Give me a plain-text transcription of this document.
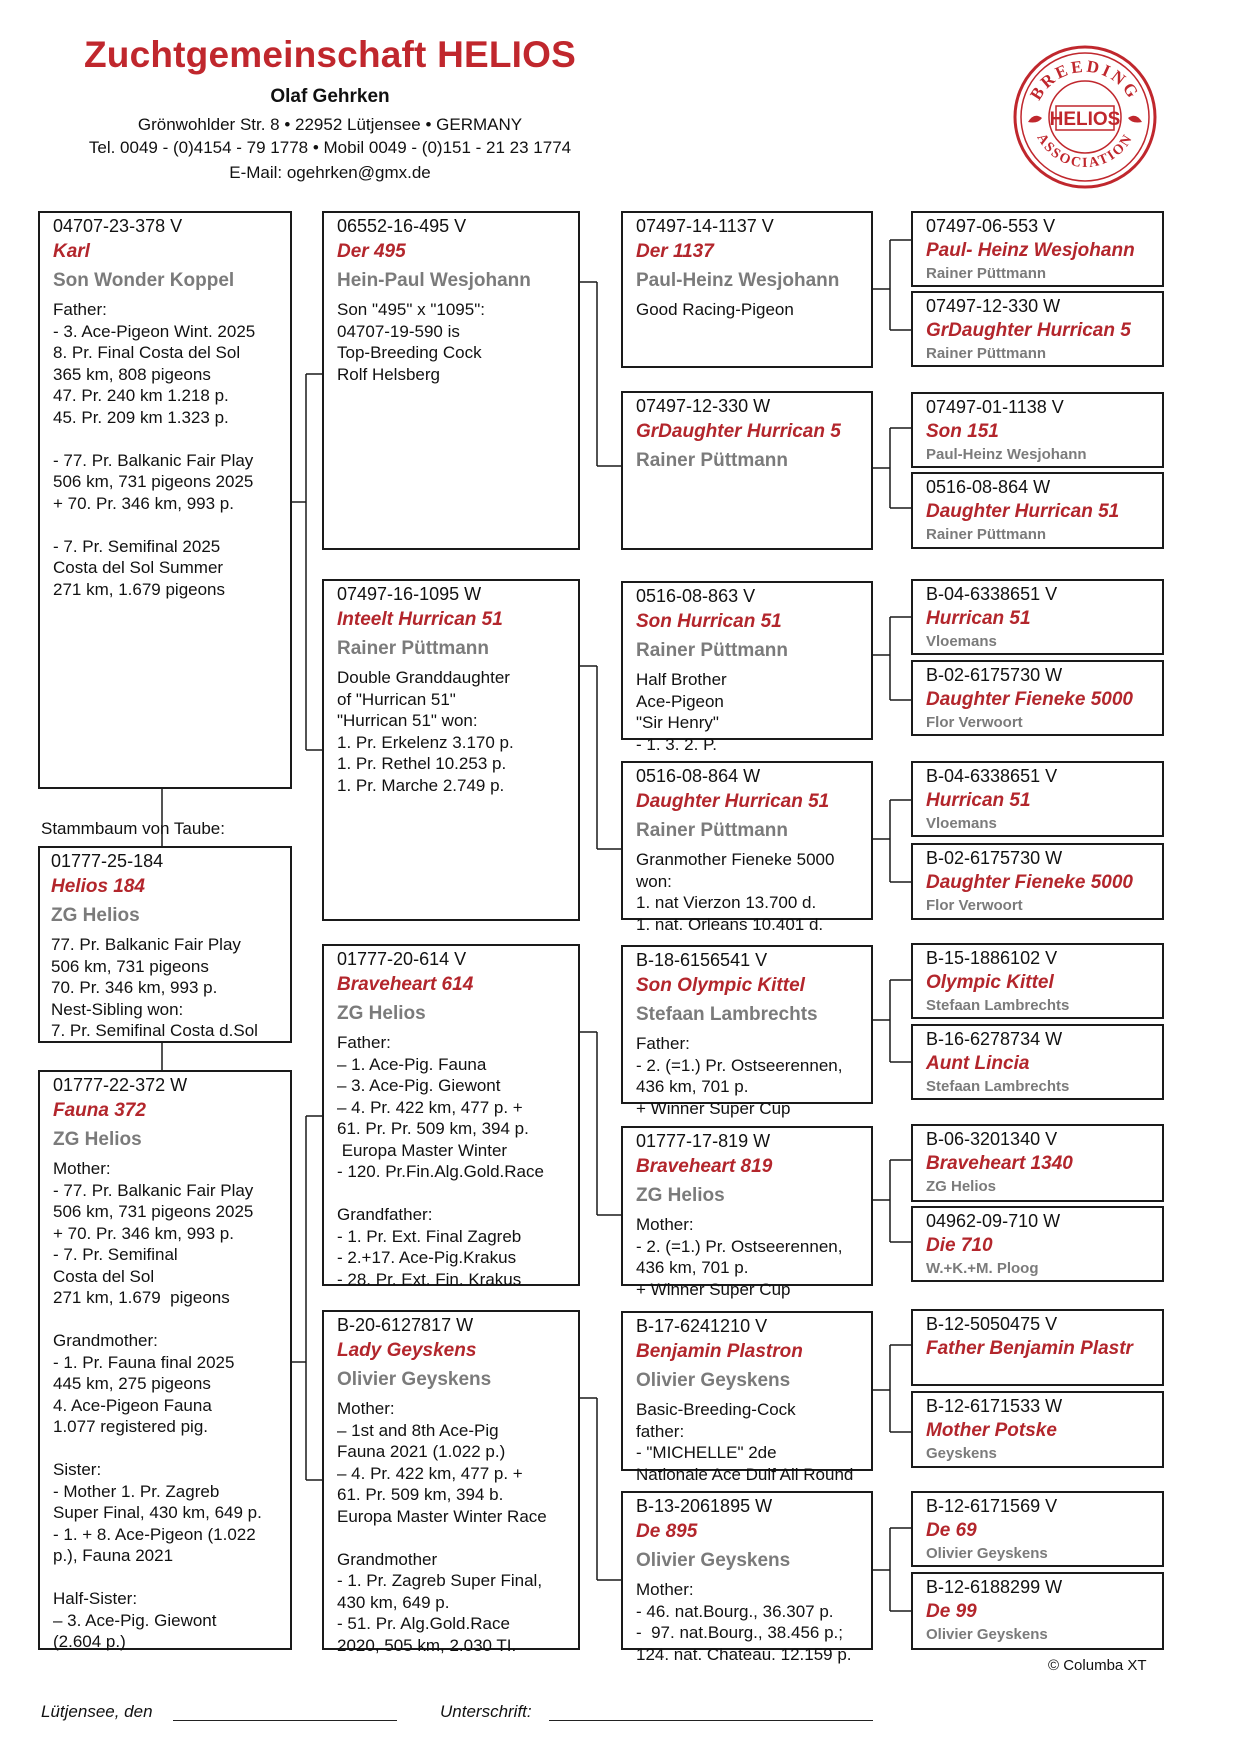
Zuchtgemeinschaft HELIOS
Olaf Gehrken
Grönwohlder Str. 8 • 22952 Lütjensee • GERMANY
Tel. 0049 - (0)4154 - 79 1778 • Mobil 0049 - (0)151 - 21 23 1774
E-Mail: ogehrken@gmx.de
BREEDING
ASSOCIATION
HELIOS
04707-23-378 V
Karl
Son Wonder Koppel
Father:
- 3. Ace-Pigeon Wint. 2025
8. Pr. Final Costa del Sol
365 km, 808 pigeons
47. Pr. 240 km 1.218 p.
45. Pr. 209 km 1.323 p.

- 77. Pr. Balkanic Fair Play
506 km, 731 pigeons 2025
+ 70. Pr. 346 km, 993 p.

- 7. Pr. Semifinal 2025
Costa del Sol Summer
271 km, 1.679 pigeons
Stammbaum von Taube:
01777-25-184
Helios 184
ZG Helios
77. Pr. Balkanic Fair Play
506 km, 731 pigeons
70. Pr. 346 km, 993 p.
Nest-Sibling won:
7. Pr. Semifinal Costa d.Sol
01777-22-372 W
Fauna 372
ZG Helios
Mother:
- 77. Pr. Balkanic Fair Play
506 km, 731 pigeons 2025
+ 70. Pr. 346 km, 993 p.
- 7. Pr. Semifinal
Costa del Sol
271 km, 1.679  pigeons

Grandmother:
- 1. Pr. Fauna final 2025
445 km, 275 pigeons
4. Ace-Pigeon Fauna
1.077 registered pig.

Sister:
- Mother 1. Pr. Zagreb
Super Final, 430 km, 649 p.
- 1. + 8. Ace-Pigeon (1.022
p.), Fauna 2021

Half-Sister:
– 3. Ace-Pig. Giewont
(2.604 p.)
06552-16-495 V
Der 495
Hein-Paul Wesjohann
Son "495" x "1095":
04707-19-590 is
Top-Breeding Cock
Rolf Helsberg
07497-16-1095 W
Inteelt Hurrican 51
Rainer Püttmann
Double Granddaughter
of "Hurrican 51"
"Hurrican 51" won:
1. Pr. Erkelenz 3.170 p.
1. Pr. Rethel 10.253 p.
1. Pr. Marche 2.749 p.
01777-20-614 V
Braveheart 614
ZG Helios
Father:
– 1. Ace-Pig. Fauna
– 3. Ace-Pig. Giewont
– 4. Pr. 422 km, 477 p. +
61. Pr. Pr. 509 km, 394 p.
Europa Master Winter
- 120. Pr.Fin.Alg.Gold.Race

Grandfather:
- 1. Pr. Ext. Final Zagreb
- 2.+17. Ace-Pig.Krakus
- 28. Pr. Ext. Fin. Krakus
B-20-6127817 W
Lady Geyskens
Olivier Geyskens
Mother:
– 1st and 8th Ace-Pig
Fauna 2021 (1.022 p.)
– 4. Pr. 422 km, 477 p. +
61. Pr. 509 km, 394 b.
Europa Master Winter Race

Grandmother
- 1. Pr. Zagreb Super Final,
430 km, 649 p.
- 51. Pr. Alg.Gold.Race
2020, 505 km, 2.030 TI.
07497-14-1137 V
Der 1137
Paul-Heinz Wesjohann
Good Racing-Pigeon
07497-12-330 W
GrDaughter Hurrican 5
Rainer Püttmann
0516-08-863 V
Son Hurrican 51
Rainer Püttmann
Half Brother
Ace-Pigeon
"Sir Henry"
- 1. 3. 2. P.
0516-08-864 W
Daughter Hurrican 51
Rainer Püttmann
Granmother Fieneke 5000
won:
1. nat Vierzon 13.700 d.
1. nat. Orleans 10.401 d.
B-18-6156541 V
Son Olympic Kittel
Stefaan Lambrechts
Father:
- 2. (=1.) Pr. Ostseerennen,
436 km, 701 p.
+ Winner Super Cup
01777-17-819 W
Braveheart 819
ZG Helios
Mother:
- 2. (=1.) Pr. Ostseerennen,
436 km, 701 p.
+ Winner Super Cup
B-17-6241210 V
Benjamin Plastron
Olivier Geyskens
Basic-Breeding-Cock
father:
- "MICHELLE" 2de
Nationale Ace Duif All Round
B-13-2061895 W
De 895
Olivier Geyskens
Mother:
- 46. nat.Bourg., 36.307 p.
-  97. nat.Bourg., 38.456 p.;
124. nat. Chateau. 12.159 p.
07497-06-553 V
Paul- Heinz Wesjohann
Rainer Püttmann
07497-12-330 W
GrDaughter Hurrican 5
Rainer Püttmann
07497-01-1138 V
Son 151
Paul-Heinz Wesjohann
0516-08-864 W
Daughter Hurrican 51
Rainer Püttmann
B-04-6338651 V
Hurrican 51
Vloemans
B-02-6175730 W
Daughter Fieneke 5000
Flor Verwoort
B-04-6338651 V
Hurrican 51
Vloemans
B-02-6175730 W
Daughter Fieneke 5000
Flor Verwoort
B-15-1886102 V
Olympic Kittel
Stefaan Lambrechts
B-16-6278734 W
Aunt Lincia
Stefaan Lambrechts
B-06-3201340 V
Braveheart 1340
ZG Helios
04962-09-710 W
Die 710
W.+K.+M. Ploog
B-12-5050475 V
Father Benjamin Plastr
B-12-6171533 W
Mother Potske
Geyskens
B-12-6171569 V
De 69
Olivier Geyskens
B-12-6188299 W
De 99
Olivier Geyskens
© Columba XT
Lütjensee, den	Unterschrift:
